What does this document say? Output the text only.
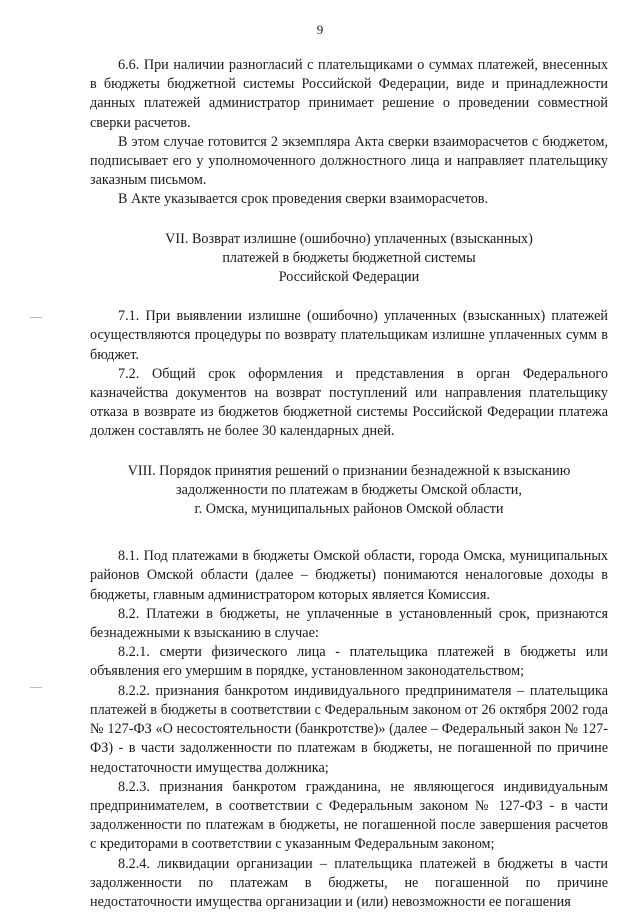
9

6.6. При наличии разногласий с плательщиками о суммах платежей, внесенных в бюджеты бюджетной системы Российской Федерации, виде и принадлежности данных платежей администратор принимает решение о проведении совместной сверки расчетов.

В этом случае готовится 2 экземпляра Акта сверки взаиморасчетов с бюджетом, подписывает его у уполномоченного должностного лица и направляет плательщику заказным письмом.

В Акте указывается срок проведения сверки взаиморасчетов.

VII. Возврат излишне (ошибочно) уплаченных (взысканных)
платежей в бюджеты бюджетной системы
Российской Федерации

7.1. При выявлении излишне (ошибочно) уплаченных (взысканных) платежей осуществляются процедуры по возврату плательщикам излишне уплаченных сумм в бюджет.

7.2. Общий срок оформления и представления в орган Федерального казначейства документов на возврат поступлений или направления плательщику отказа в возврате из бюджетов бюджетной системы Российской Федерации платежа должен составлять не более 30 календарных дней.

VIII. Порядок принятия решений о признании безнадежной к взысканию
задолженности по платежам в бюджеты Омской области,
г. Омска, муниципальных районов Омской области

8.1. Под платежами в бюджеты Омской области, города Омска, муниципальных районов Омской области (далее – бюджеты) понимаются неналоговые доходы в бюджеты, главным администратором которых является Комиссия.

8.2. Платежи в бюджеты, не уплаченные в установленный срок, признаются безнадежными к взысканию в случае:

8.2.1. смерти физического лица - плательщика платежей в бюджеты или объявления его умершим в порядке, установленном законодательством;

8.2.2. признания банкротом индивидуального предпринимателя – плательщика платежей в бюджеты в соответствии с Федеральным законом от 26 октября 2002 года № 127-ФЗ «О несостоятельности (банкротстве)» (далее – Федеральный закон № 127-ФЗ) - в части задолженности по платежам в бюджеты, не погашенной по причине недостаточности имущества должника;

8.2.3. признания банкротом гражданина, не являющегося индивидуальным предпринимателем, в соответствии с Федеральным законом № 127-ФЗ - в части задолженности по платежам в бюджеты, не погашенной после завершения расчетов с кредиторами в соответствии с указанным Федеральным законом;

8.2.4. ликвидации организации – плательщика платежей в бюджеты в части задолженности по платежам в бюджеты, не погашенной по причине недостаточности имущества организации и (или) невозможности ее погашения
